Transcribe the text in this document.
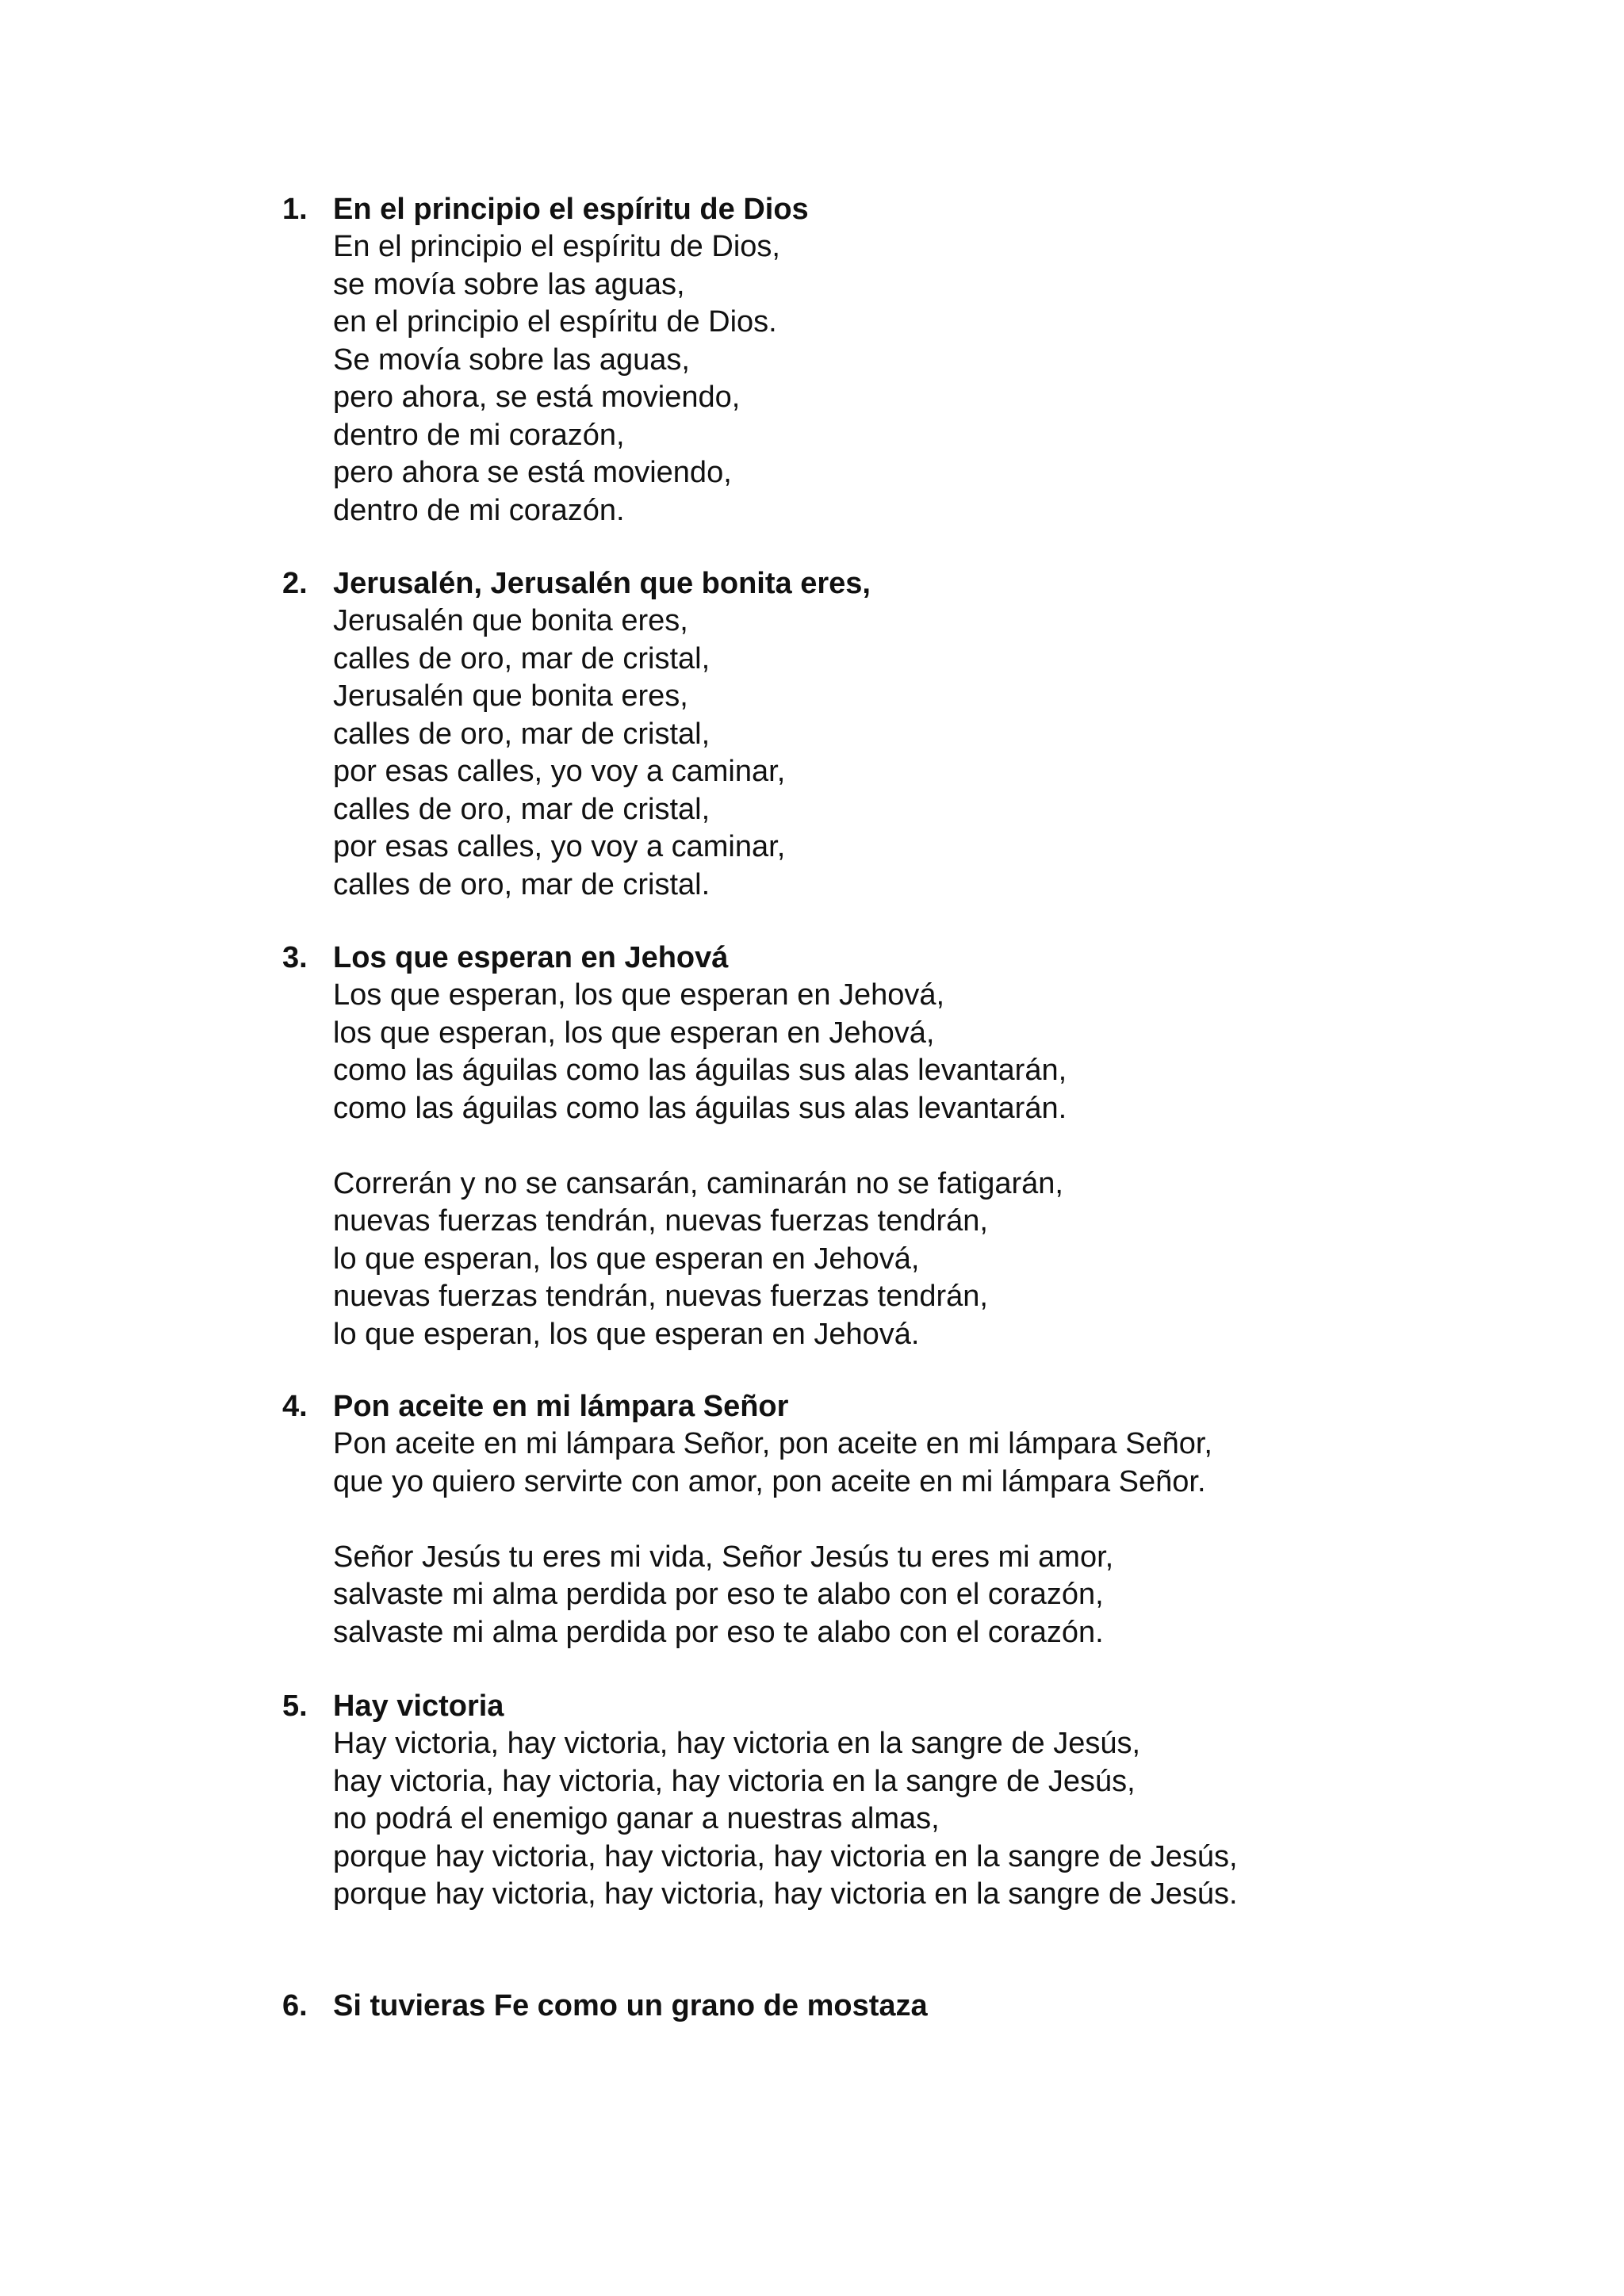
1. En el principio el espíritu de Dios
En el principio el espíritu de Dios,
se movía sobre las aguas,
en el principio el espíritu de Dios.
Se movía sobre las aguas,
pero ahora, se está moviendo,
dentro de mi corazón,
pero ahora se está moviendo,
dentro de mi corazón.
2. Jerusalén, Jerusalén que bonita eres,
Jerusalén que bonita eres,
calles de oro, mar de cristal,
Jerusalén que bonita eres,
calles de oro, mar de cristal,
por esas calles, yo voy a caminar,
calles de oro, mar de cristal,
por esas calles, yo voy a caminar,
calles de oro, mar de cristal.
3. Los que esperan en Jehová
Los que esperan, los que esperan en Jehová,
los que esperan, los que esperan en Jehová,
como las águilas como las águilas sus alas levantarán,
como las águilas como las águilas sus alas levantarán.
Correrán y no se cansarán, caminarán no se fatigarán,
nuevas fuerzas tendrán, nuevas fuerzas tendrán,
lo que esperan, los que esperan en Jehová,
nuevas fuerzas tendrán, nuevas fuerzas tendrán,
lo que esperan, los que esperan en Jehová.
4. Pon aceite en mi lámpara Señor
Pon aceite en mi lámpara Señor, pon aceite en mi lámpara Señor,
que yo quiero servirte con amor, pon aceite en mi lámpara Señor.
Señor Jesús tu eres mi vida, Señor Jesús tu eres mi amor,
salvaste mi alma perdida por eso te alabo con el corazón,
salvaste mi alma perdida por eso te alabo con el corazón.
5. Hay victoria
Hay victoria, hay victoria, hay victoria en la sangre de Jesús,
hay victoria, hay victoria, hay victoria en la sangre de Jesús,
no podrá el enemigo ganar a nuestras almas,
porque hay victoria, hay victoria, hay victoria en la sangre de Jesús,
porque hay victoria, hay victoria, hay victoria en la sangre de Jesús.
6. Si tuvieras Fe como un grano de mostaza
